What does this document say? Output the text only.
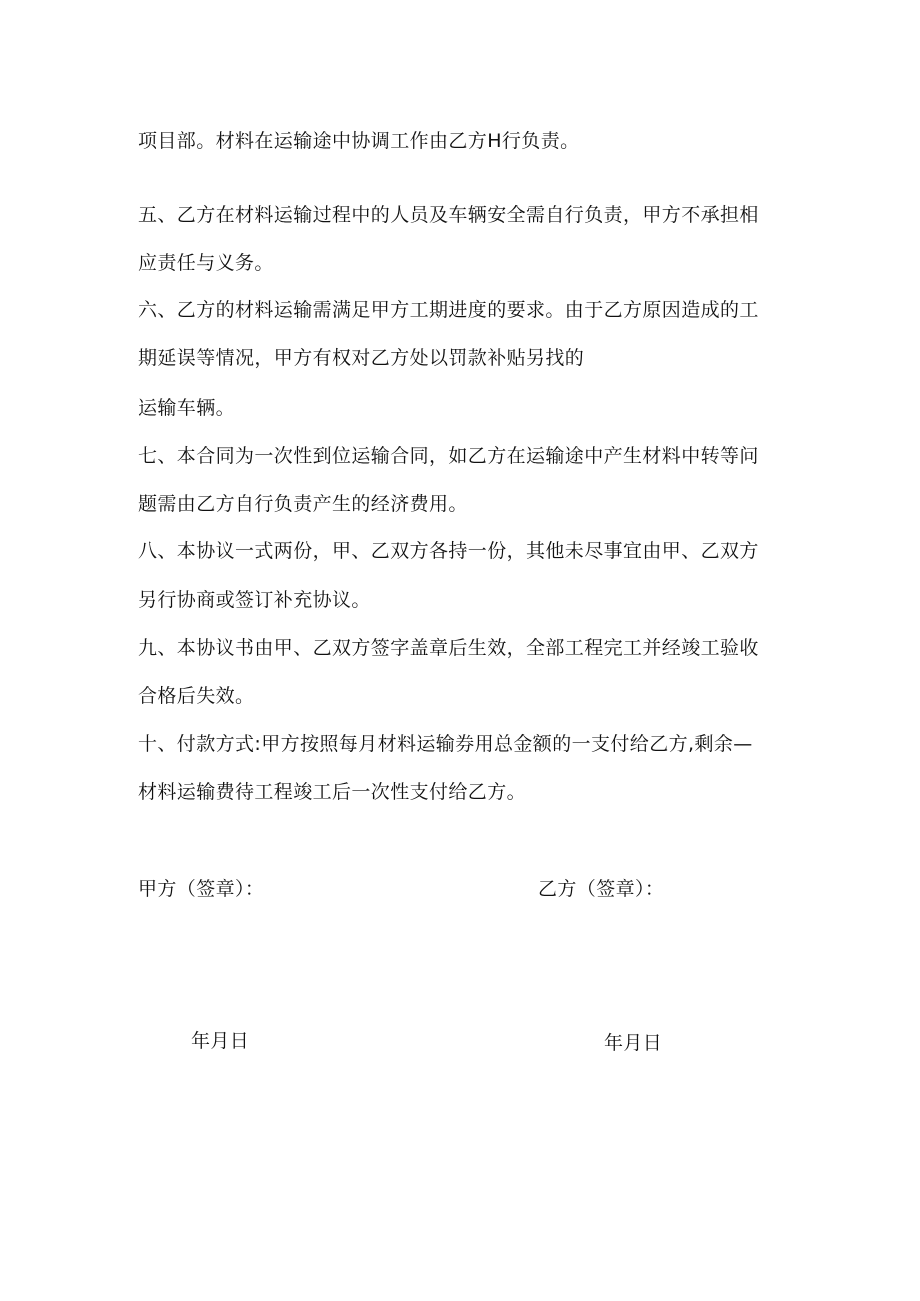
项目部。材料在运输途中协调工作由乙方H行负责。
五、乙方在材料运输过程中的人员及车辆安全需自行负责，甲方不承担相
应责任与义务。
六、乙方的材料运输需满足甲方工期进度的要求。由于乙方原因造成的工
期延误等情况，甲方有权对乙方处以罚款补贴另找的
运输车辆。
七、本合同为一次性到位运输合同，如乙方在运输途中产生材料中转等问
题需由乙方自行负责产生的经济费用。
八、本协议一式两份，甲、乙双方各持一份，其他未尽事宜由甲、乙双方
另行协商或签订补充协议。
九、本协议书由甲、乙双方签字盖章后生效，全部工程完工并经竣工验收
合格后失效。
十、付款方式:甲方按照每月材料运输券用总金额的一支付给乙方,剩余—
材料运输费待工程竣工后一次性支付给乙方。
甲方（签章）：	乙方（签章）：
年月日	年月日
